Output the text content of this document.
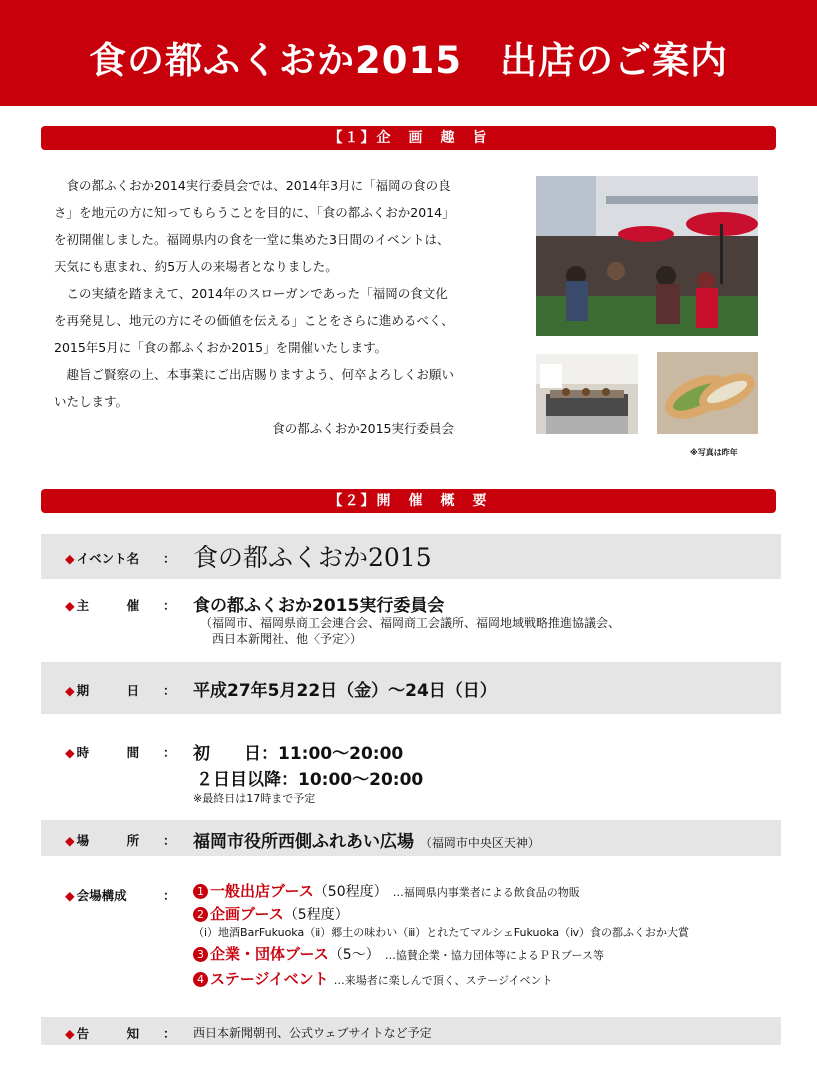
食の都ふくおか2015　出店のご案内
【１】企　画　趣　旨

食の都ふくおか2014実行委員会では、2014年3月に「福岡の食の良さ」を地元の方に知ってもらうことを目的に、「食の都ふくおか2014」を初開催しました。福岡県内の食を一堂に集めた3日間のイベントは、天気にも恵まれ、約5万人の来場者となりました。

この実績を踏まえて、2014年のスローガンであった「福岡の食文化を再発見し、地元の方にその価値を伝える」ことをさらに進めるべく、2015年5月に「食の都ふくおか2015」を開催いたします。

趣旨ご賢察の上、本事業にご出店賜りますよう、何卒よろしくお願いいたします。

食の都ふくおか2015実行委員会

※写真は昨年
【２】開　催　概　要
◆ イベント名 ： 食の都ふくおか2015
◆ 主　　　催 ： 食の都ふくおか2015実行委員会
（福岡市、福岡県商工会連合会、福岡商工会議所、福岡地域戦略推進協議会、
西日本新聞社、他〈予定〉）
◆ 期　　　日 ： 平成27年5月22日（金）～24日（日）
◆ 時　　　間 ： 初　　日：11:00～20:00
２日目以降：10:00～20:00
※最終日は17時まで予定
◆ 場　　　所 ： 福岡市役所西側ふれあい広場 （福岡市中央区天神）
◆ 会場構成	：	1 一般出店ブース（50程度） …福岡県内事業者による飲食品の物販
2 企画ブース（5程度）
（ⅰ）地酒BarFukuoka（ⅱ）郷土の味わい（ⅲ）とれたてマルシェFukuoka（ⅳ）食の都ふくおか大賞
3 企業・団体ブース（5～） …協賛企業・協力団体等によるＰＲブース等
4 ステージイベント …来場者に楽しんで頂く、ステージイベント
◆ 告　　　知 ： 西日本新聞朝刊、公式ウェブサイトなど予定
